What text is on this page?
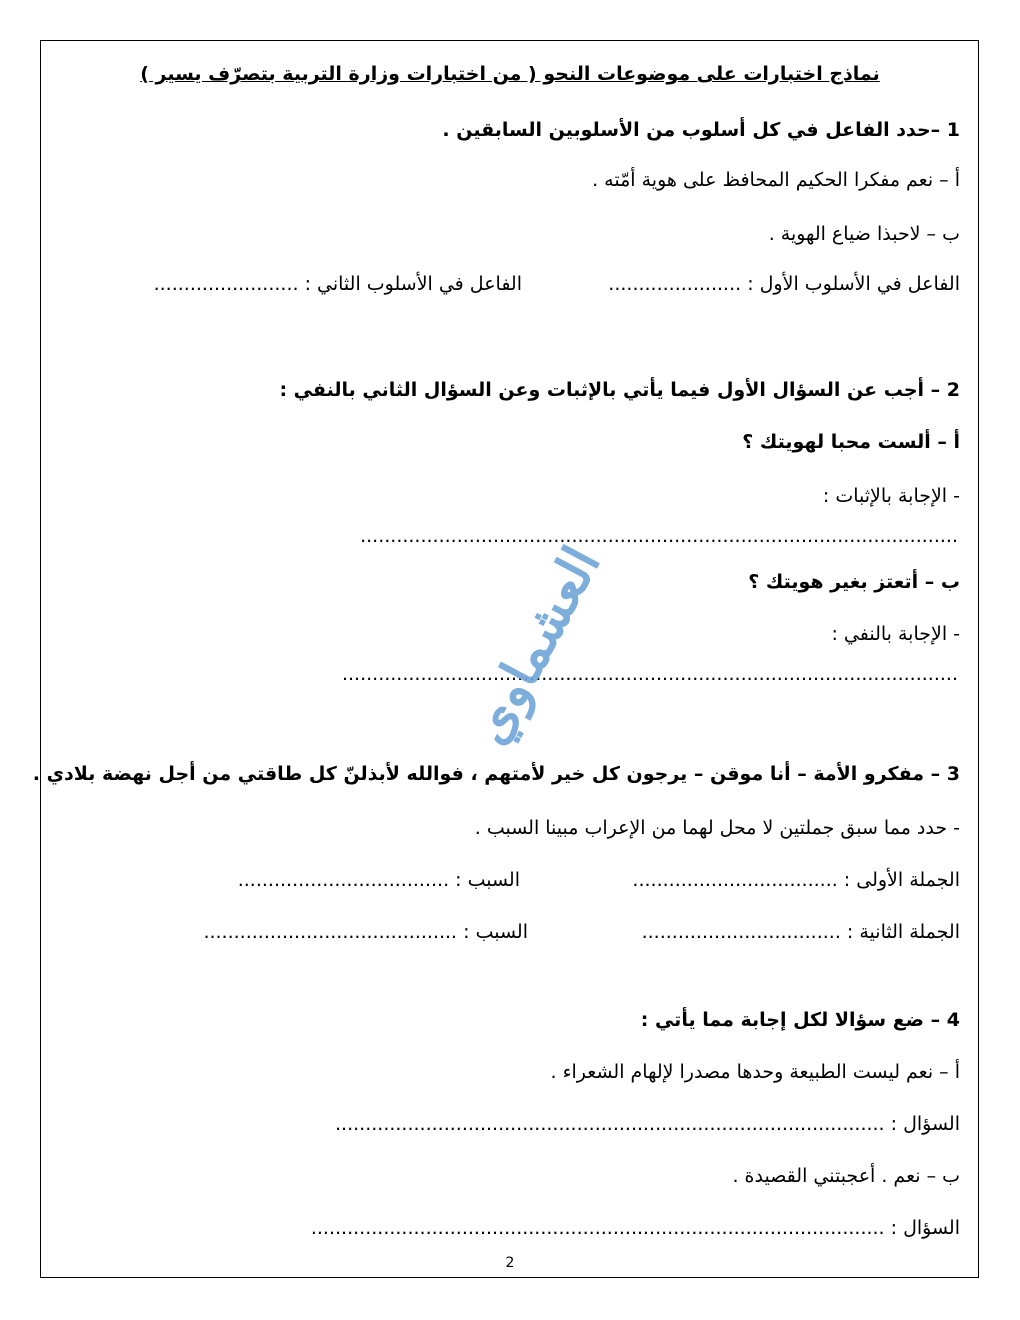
نماذج اختبارات على موضوعات النحو ( من اختبارات وزارة التربية بتصرّف يسير )
1 –حدد الفاعل في كل أسلوب من الأسلوبين السابقين .
أ – نعم مفكرا الحكيم المحافظ على هوية أمّته .
ب – لاحبذا ضياع الهوية .
الفاعل في الأسلوب الأول : ......................
الفاعل في الأسلوب الثاني : ........................
2 – أجب عن السؤال الأول فيما يأتي بالإثبات وعن السؤال الثاني بالنفي :
أ – ألست محبا لهويتك ؟
- الإجابة بالإثبات :
...................................................................................................
ب – أتعتز بغير هويتك ؟
- الإجابة بالنفي :
......................................................................................................
العشماوي
3 – مفكرو الأمة – أنا موقن – يرجون كل خير لأمتهم ، فوالله لأبذلنّ كل طاقتي من أجل نهضة بلادي .
- حدد مما سبق جملتين لا محل لهما من الإعراب مبينا السبب .
الجملة الأولى : ..................................
السبب : ...................................
الجملة الثانية : .................................
السبب : ..........................................
4 – ضع سؤالا لكل إجابة مما يأتي :
أ – نعم ليست الطبيعة وحدها مصدرا لإلهام الشعراء .
السؤال : ...........................................................................................
ب – نعم . أعجبتني القصيدة .
السؤال : ...............................................................................................
2
